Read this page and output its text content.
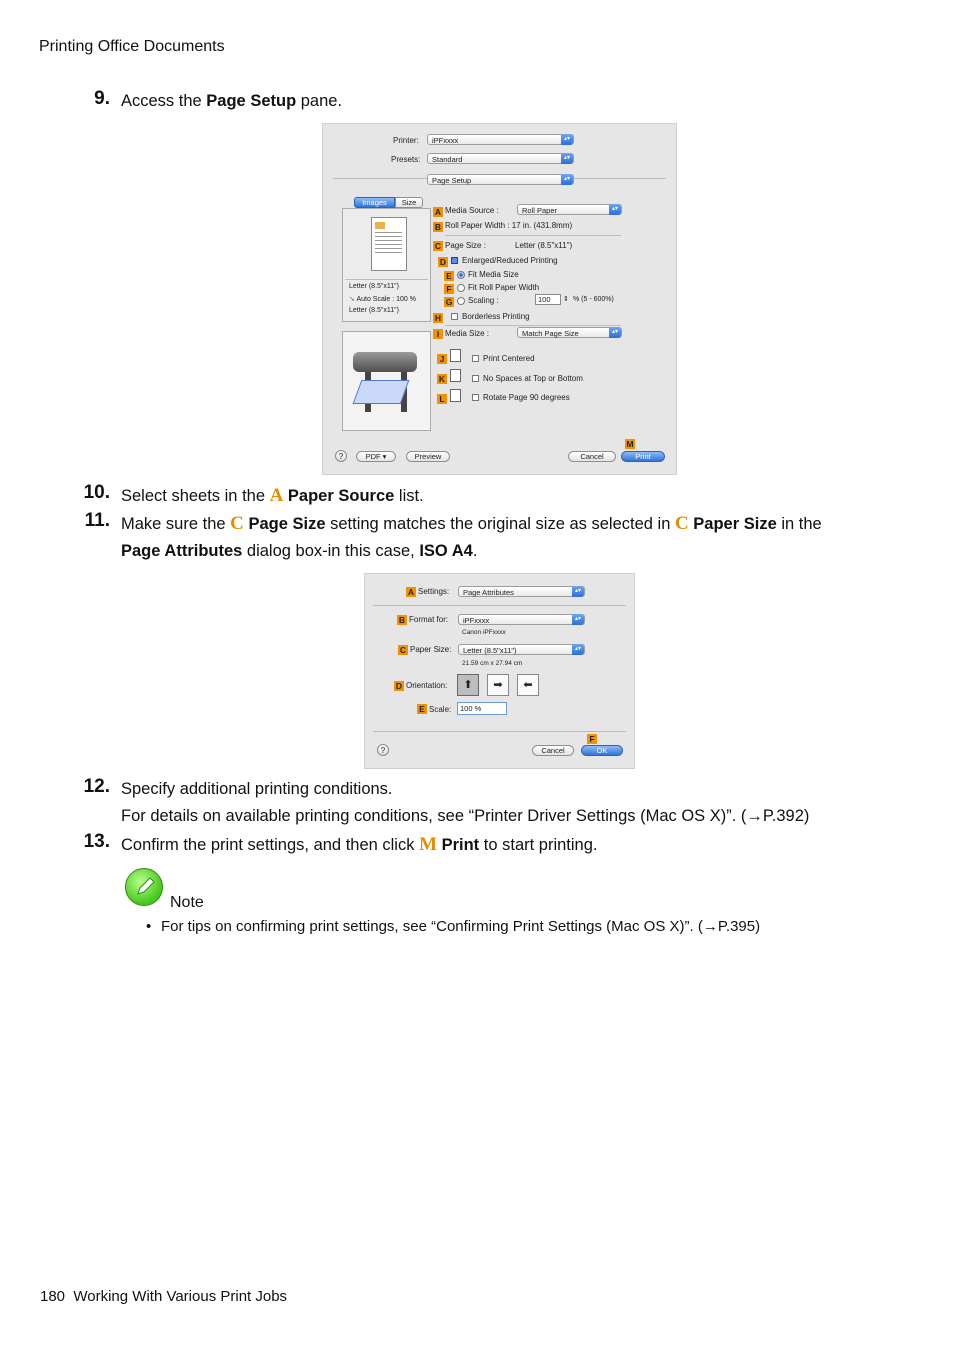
Printing Office Documents
9. Access the Page Setup pane.
Printer:	iPFxxxx	▴▾
Presets:	Standard	▴▾
Page Setup	▴▾
Images	Size
Letter (8.5"x11")
➘ Auto Scale : 100 %
Letter (8.5"x11")
A Media Source :	Roll Paper	▴▾
B Roll Paper Width : 17 in. (431.8mm)
C Page Size :	Letter (8.5"x11")
D Enlarged/Reduced Printing
E Fit Media Size
F	Fit Roll Paper Width
G Scaling :	100	⇕ % (5 - 600%)
H	Borderless Printing
I Media Size :	Match Page Size	▴▾
J	Print Centered
K	No Spaces at Top or Bottom
L	Rotate Page 90 degrees
?	PDF ▾	Preview	Cancel
M
Print
10. Select sheets in the A Paper Source list.
11. Make sure the C Page Size setting matches the original size as selected in C Paper Size in the
Page Attributes dialog box-in this case, ISO A4.
A Settings:	Page Attributes	▴▾
B Format for:	iPFxxxx	▴▾
Canon iPFxxxx
C Paper Size:	Letter (8.5"x11")	▴▾
21.59 cm x 27.94 cm
D Orientation:	⬆	➡	⬅
E Scale:	100 %
?	Cancel
F
OK
12. Specify additional printing conditions.
For details on available printing conditions, see “Printer Driver Settings (Mac OS X)”. (→P.392)
13. Confirm the print settings, and then click M Print to start printing.
Note
• For tips on confirming print settings, see “Confirming Print Settings (Mac OS X)”. (→P.395)
180 Working With Various Print Jobs
